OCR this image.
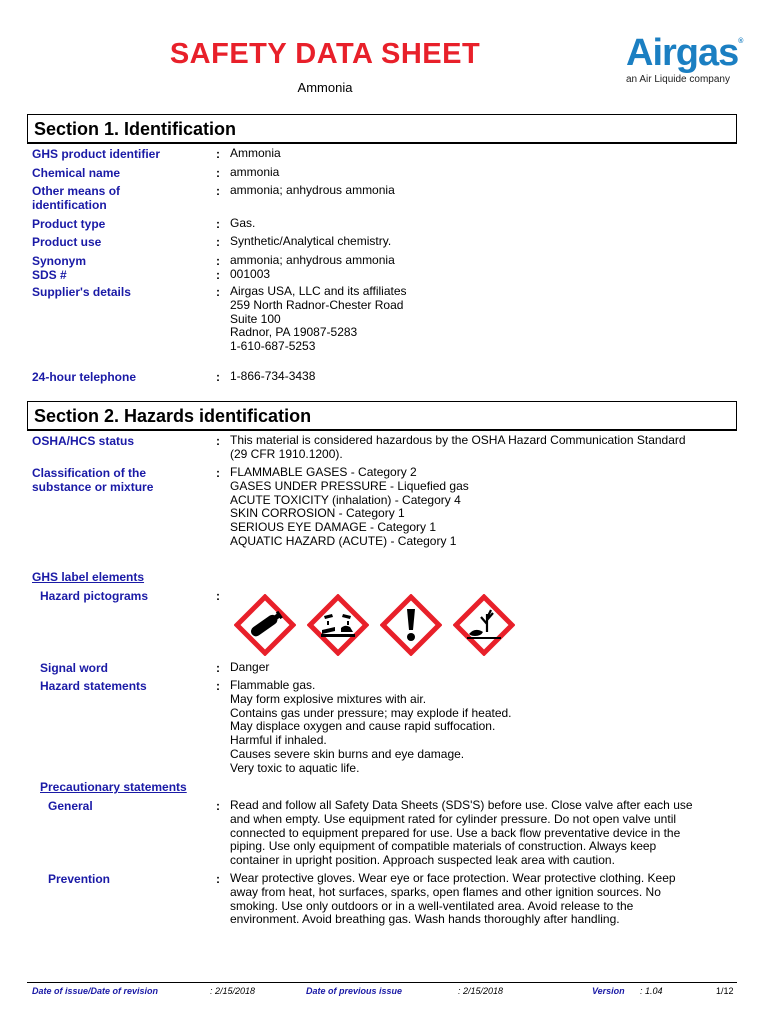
SAFETY DATA SHEET
Ammonia
Airgas®
an Air Liquide company
Section 1. Identification
GHS product identifier	: Ammonia
Chemical name	: ammonia
Other means of
identification
: ammonia; anhydrous ammonia
Product type	: Gas.
Product use	: Synthetic/Analytical chemistry.
Synonym	: ammonia; anhydrous ammonia
SDS #	: 001003
Supplier's details	: Airgas USA, LLC and its affiliates
259 North Radnor-Chester Road
Suite 100
Radnor, PA 19087-5283
1-610-687-5253
24-hour telephone	: 1-866-734-3438
Section 2. Hazards identification
OSHA/HCS status	: This material is considered hazardous by the OSHA Hazard Communication Standard
(29 CFR 1910.1200).
Classification of the
substance or mixture
: FLAMMABLE GASES - Category 2
GASES UNDER PRESSURE - Liquefied gas
ACUTE TOXICITY (inhalation) - Category 4
SKIN CORROSION - Category 1
SERIOUS EYE DAMAGE - Category 1
AQUATIC HAZARD (ACUTE) - Category 1
GHS label elements
Hazard pictograms	:
Signal word	: Danger
Hazard statements	: Flammable gas.
May form explosive mixtures with air.
Contains gas under pressure; may explode if heated.
May displace oxygen and cause rapid suffocation.
Harmful if inhaled.
Causes severe skin burns and eye damage.
Very toxic to aquatic life.
Precautionary statements
General	: Read and follow all Safety Data Sheets (SDS'S) before use. Close valve after each use
and when empty. Use equipment rated for cylinder pressure. Do not open valve until
connected to equipment prepared for use. Use a back flow preventative device in the
piping. Use only equipment of compatible materials of construction. Always keep
container in upright position. Approach suspected leak area with caution.
Prevention	: Wear protective gloves. Wear eye or face protection. Wear protective clothing. Keep
away from heat, hot surfaces, sparks, open flames and other ignition sources. No
smoking. Use only outdoors or in a well-ventilated area. Avoid release to the
environment. Avoid breathing gas. Wash hands thoroughly after handling.
Date of issue/Date of revision	: 2/15/2018	Date of previous issue	: 2/15/2018	Version : 1.04	1/12
